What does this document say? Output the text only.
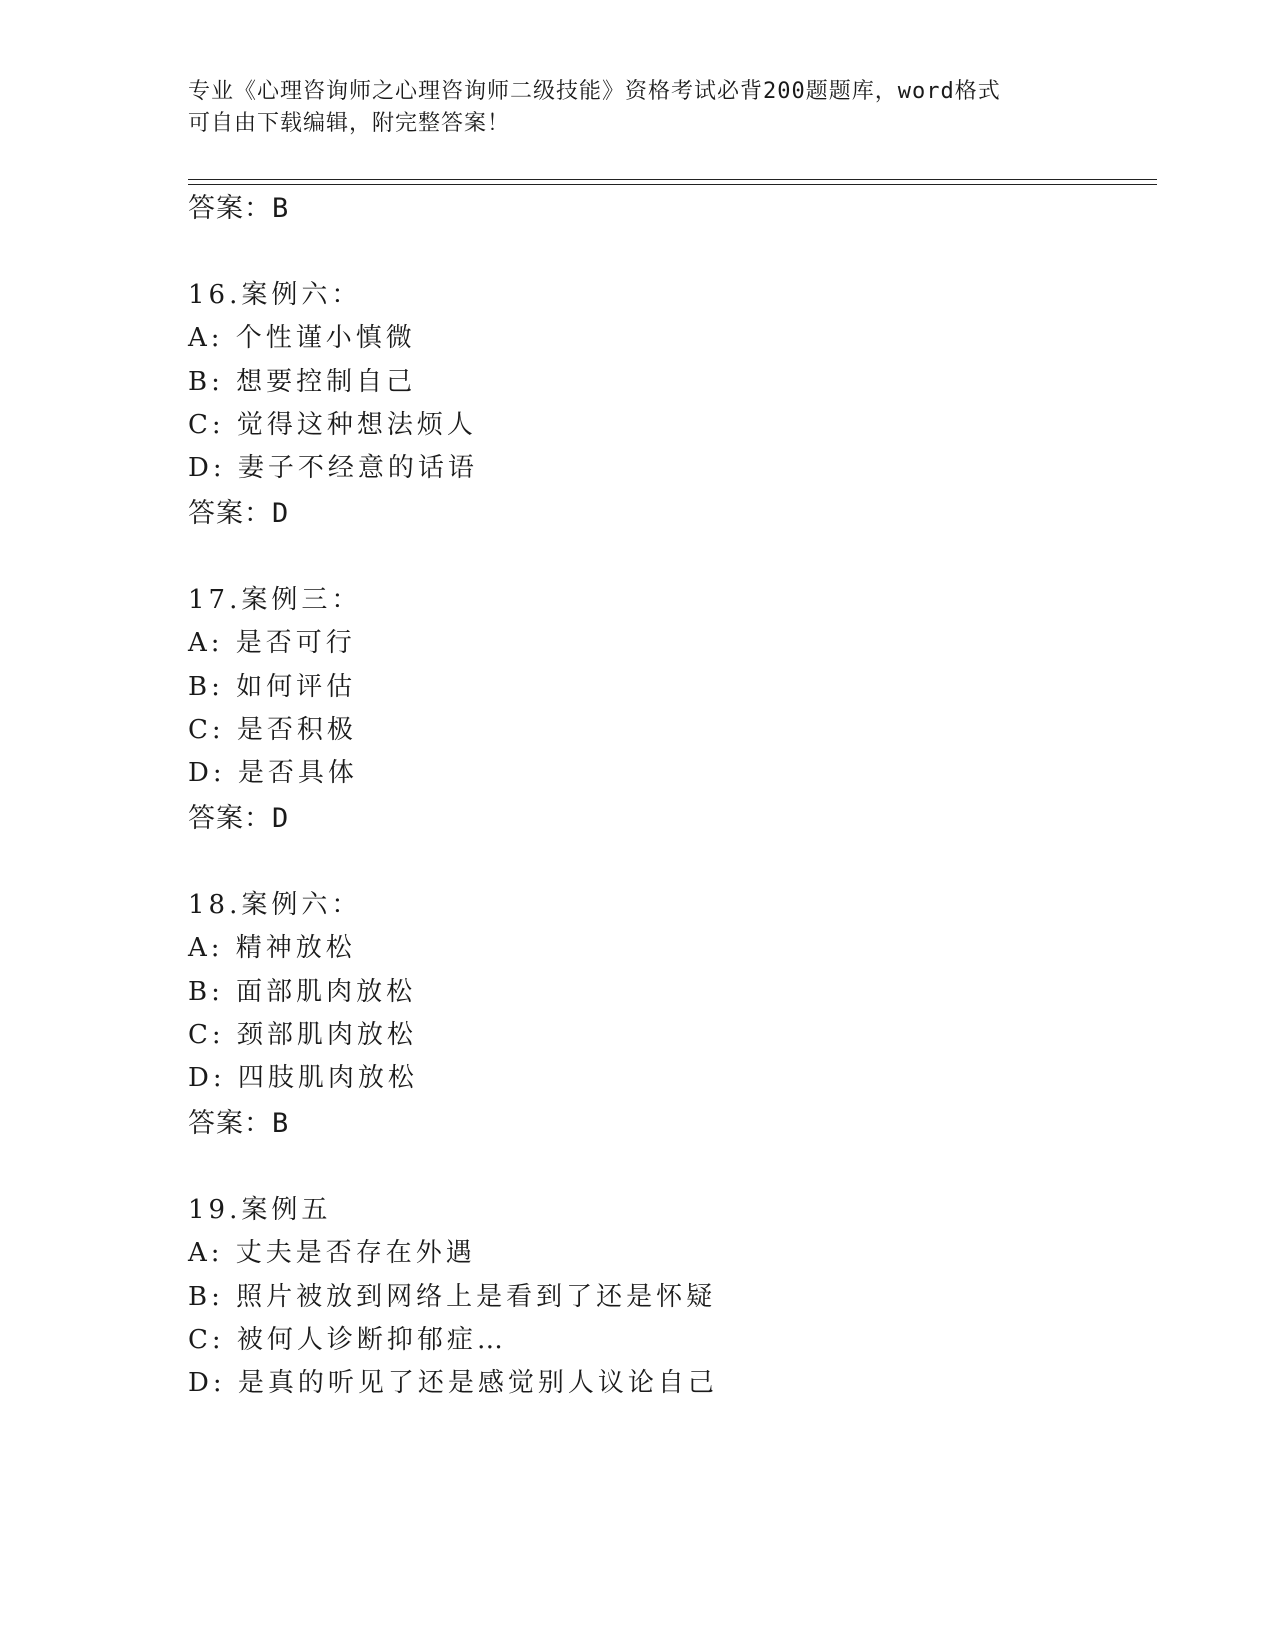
专业《心理咨询师之心理咨询师二级技能》资格考试必背200题题库，word格式
可自由下载编辑，附完整答案！
答案：B
16.案例六：
A: 个性谨小慎微
B: 想要控制自己
C: 觉得这种想法烦人
D: 妻子不经意的话语
答案：D
17.案例三：
A: 是否可行
B: 如何评估
C: 是否积极
D: 是否具体
答案：D
18.案例六：
A: 精神放松
B: 面部肌肉放松
C: 颈部肌肉放松
D: 四肢肌肉放松
答案：B
19.案例五
A: 丈夫是否存在外遇
B: 照片被放到网络上是看到了还是怀疑
C: 被何人诊断抑郁症…
D: 是真的听见了还是感觉别人议论自己
